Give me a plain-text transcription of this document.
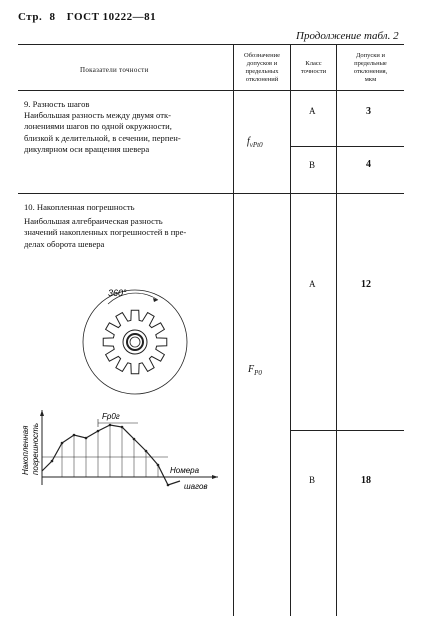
Стр. 8 ГОСТ 10222—81
Продолжение табл. 2
Показатели точности
Обозначение
допусков и
предельных
отклонений
Класс
точности
Допуски и
предельные
отклонения,
мкм
9. Разность шагов
Наибольшая разность между двумя отк-
лонениями шагов по одной окружности,
близкой к делительной, в сечении, перпен-
дикулярном оси вращения шевера
$f_{vPt0}$
А	3
В	4
10. Накопленная погрешность
Наибольшая алгебраическая разность
значений накопленных погрешностей в пре-
делах оборота шевера
$F_{P0}$
А	12
В	18
360°
Fр0г
Номера
шагов
Накопленная погрешность
